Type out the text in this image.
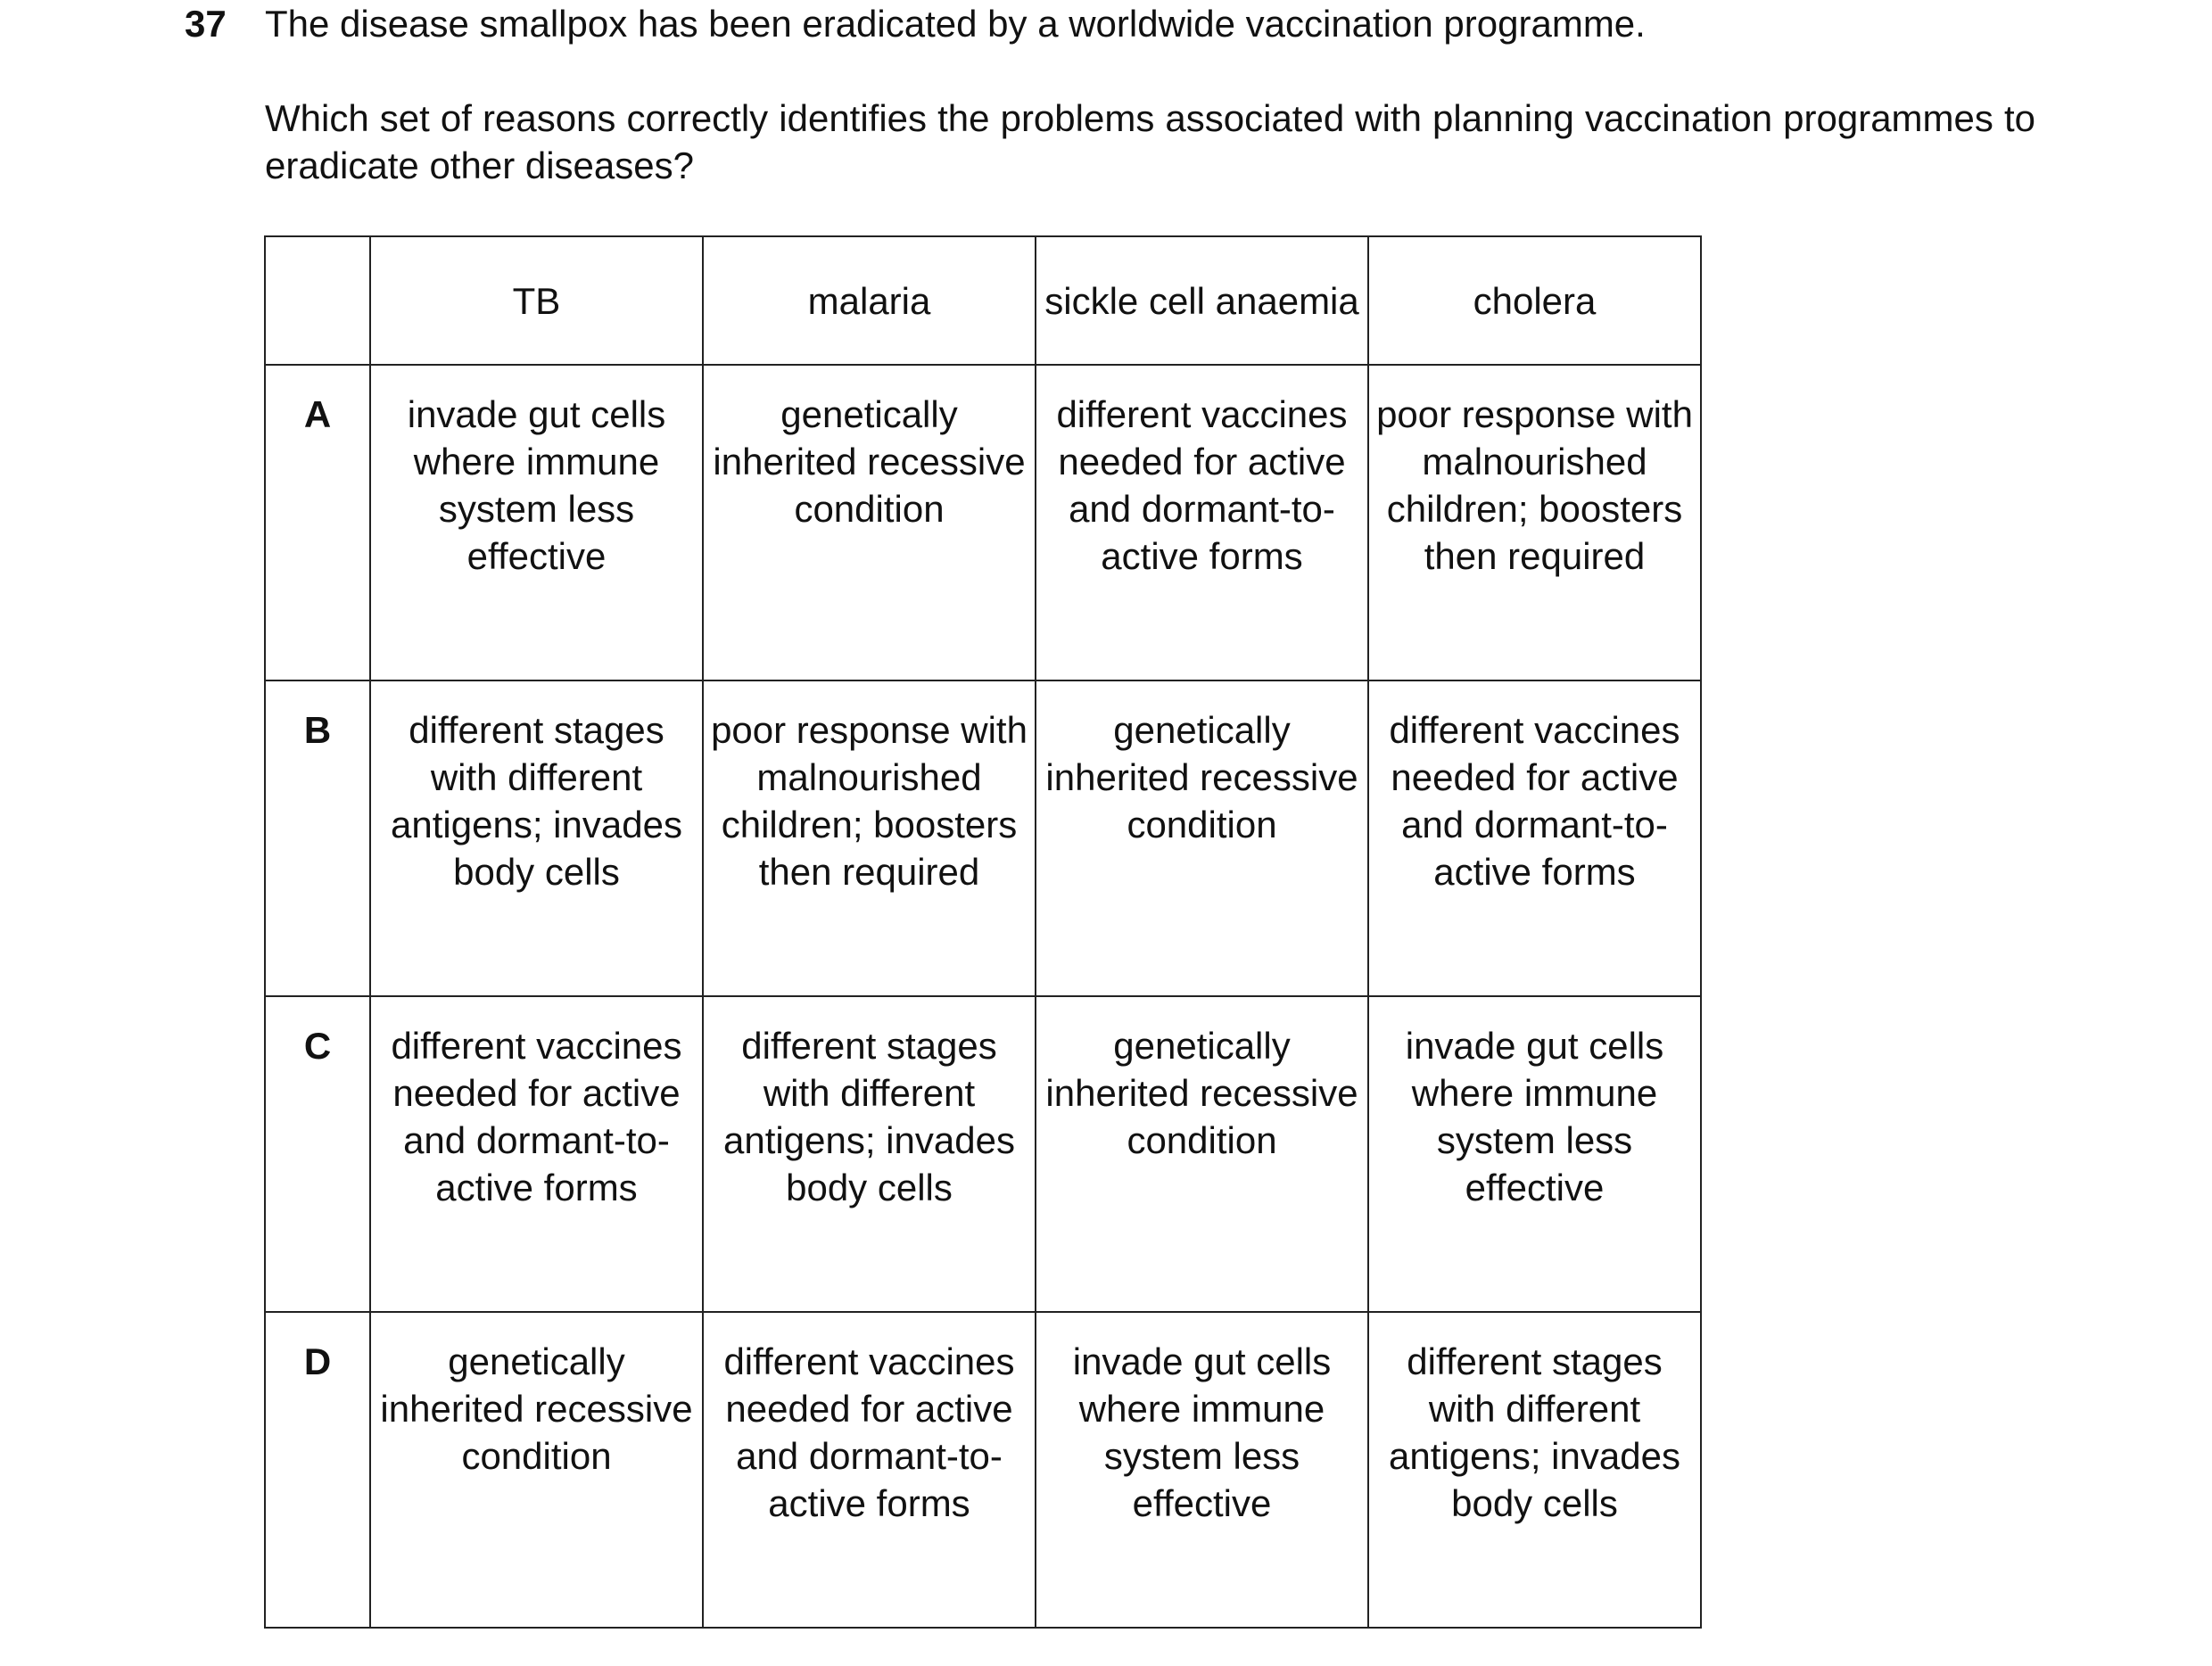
37 The disease smallpox has been eradicated by a worldwide vaccination programme.
Which set of reasons correctly identifies the problems associated with planning vaccination programmes to eradicate other diseases?
	TB	malaria	sickle cell anaemia	cholera
A	invade gut cells where immune system less effective	genetically inherited recessive condition	different vaccines needed for active and dormant-to-active forms	poor response with malnourished children; boosters then required
B	different stages with different antigens; invades body cells	poor response with malnourished children; boosters then required	genetically inherited recessive condition	different vaccines needed for active and dormant-to-active forms
C	different vaccines needed for active and dormant-to-active forms	different stages with different antigens; invades body cells	genetically inherited recessive condition	invade gut cells where immune system less effective
D	genetically inherited recessive condition	different vaccines needed for active and dormant-to-active forms	invade gut cells where immune system less effective	different stages with different antigens; invades body cells
